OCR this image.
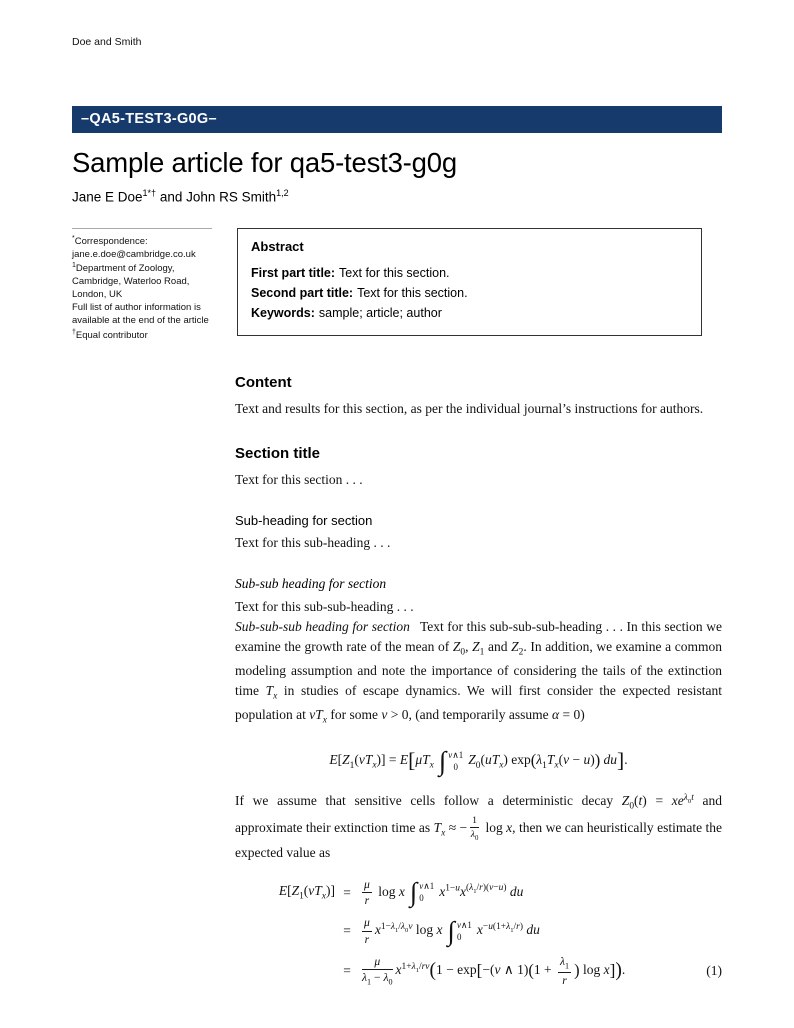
Doe and Smith
–QA5-TEST3-G0G–
Sample article for qa5-test3-g0g
Jane E Doe$^{1*\dagger}$ and John RS Smith$^{1,2}$
*Correspondence:
jane.e.doe@cambridge.co.uk
$^1$Department of Zoology,
Cambridge, Waterloo Road,
London, UK
Full list of author information is
available at the end of the article
†Equal contributor
Abstract

First part title: Text for this section.

Second part title: Text for this section.

Keywords: sample; article; author

Content

Text and results for this section, as per the individual journal’s instructions for authors.

Section title

Text for this section . . .

Sub-heading for section

Text for this sub-heading . . .

Sub-sub heading for section

Text for this sub-sub-heading . . .

Sub-sub-sub heading for section Text for this sub-sub-sub-heading . . . In this section we examine the growth rate of the mean of $Z_0$, $Z_1$ and $Z_2$. In addition, we examine a common modeling assumption and note the importance of considering the tails of the extinction time $T_x$ in studies of escape dynamics. We will first consider the expected resistant population at $vT_x$ for some v > 0, (and temporarily assume α = 0)

$E[Z_1(vT_x)] = E[\mu T_x$ ∫ v∧1
0 $Z_0(uT_x) \exp(\lambda_1T_x(v - u))$ du].

If we assume that sensitive cells follow a deterministic decay $Z_0(t) = xe^{\lambda_0t}$ and approximate their extinction time as $T_x$ ≈ − $\frac{1}{\lambda_0}$ log x, then we can heuristically estimate the expected value as

$E[Z_1(vT_x)] = \frac{\mu}{r}$ log x ∫ v∧1
0	$x^{1-u}x^{(\lambda_1/r)(v-u)}$ du
= $\frac{\mu}{r} x^{1-\lambda_1/\lambda_0v}$ log x ∫ v∧1
0	$x^{-u(1+\lambda_1/r)}$ du
= $\frac{\mu}{\lambda_1 - \lambda_0} x^{1+\lambda_1/rv}(1 - \exp[-(v$ ∧ $1)(1 + \frac{\lambda_1}{r}$ ) log x]).	(1)
